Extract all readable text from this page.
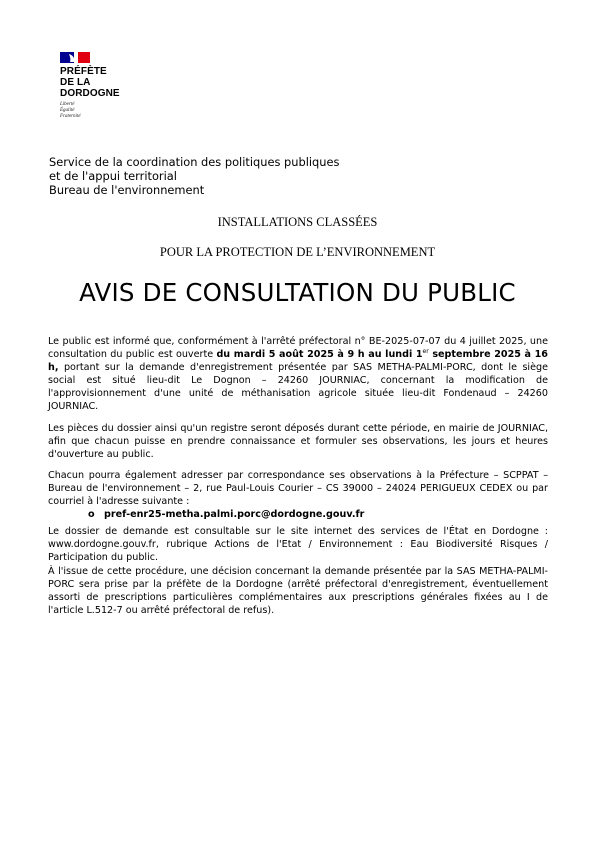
PRÉFÈTE
DE LA
DORDOGNE
Liberté
Égalité
Fraternité
Service de la coordination des politiques publiques
et de l'appui territorial
Bureau de l'environnement
INSTALLATIONS CLASSÉES
POUR LA PROTECTION DE L’ENVIRONNEMENT
AVIS DE CONSULTATION DU PUBLIC

Le public est informé que, conformément à l'arrêté préfectoral n° BE-2025-07-07 du 4 juillet 2025, une consultation du public est ouverte du mardi 5 août 2025 à 9 h au lundi 1er septembre 2025 à 16 h, portant sur la demande d'enregistrement présentée par SAS METHA-PALMI-PORC, dont le siège social est situé lieu-dit Le Dognon – 24260 JOURNIAC, concernant la modification de l'approvisionnement d'une unité de méthanisation agricole située lieu-dit Fondenaud – 24260 JOURNIAC.

Les pièces du dossier ainsi qu'un registre seront déposés durant cette période, en mairie de JOURNIAC, afin que chacun puisse en prendre connaissance et formuler ses observations, les jours et heures d'ouverture au public.

Chacun pourra également adresser par correspondance ses observations à la Préfecture – SCPPAT – Bureau de l'environnement – 2, rue Paul-Louis Courier – CS 39000 – 24024 PERIGUEUX CEDEX ou par courriel à l'adresse suivante :

o pref-enr25-metha.palmi.porc@dordogne.gouv.fr

Le dossier de demande est consultable sur le site internet des services de l'État en Dordogne : www.dordogne.gouv.fr, rubrique Actions de l'Etat / Environnement : Eau Biodiversité Risques / Participation du public.

À l'issue de cette procédure, une décision concernant la demande présentée par la SAS METHA-PALMI-PORC sera prise par la préfète de la Dordogne (arrêté préfectoral d'enregistrement, éventuellement assorti de prescriptions particulières complémentaires aux prescriptions générales fixées au I de l'article L.512-7 ou arrêté préfectoral de refus).
